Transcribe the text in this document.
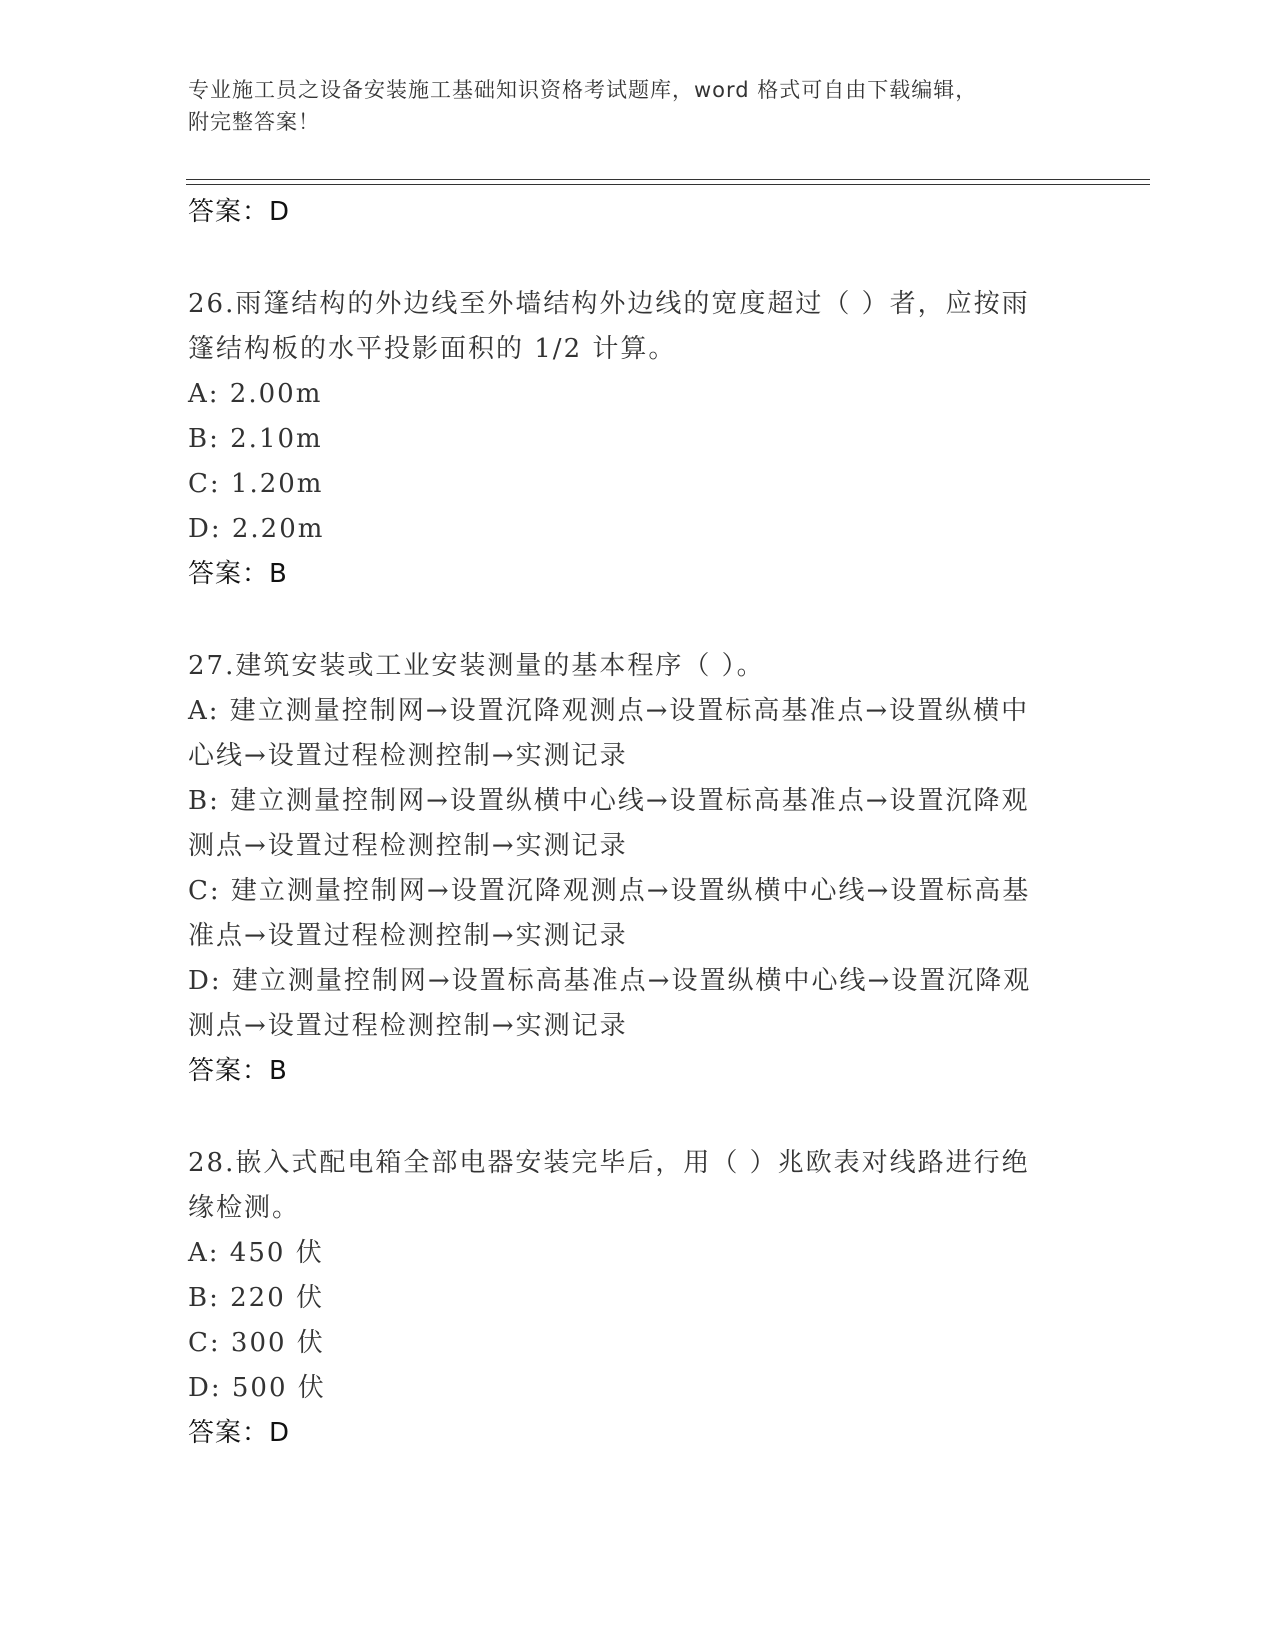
专业施工员之设备安装施工基础知识资格考试题库，word 格式可自由下载编辑，
附完整答案！
答案：D
26.雨篷结构的外边线至外墙结构外边线的宽度超过（ ）者，应按雨
篷结构板的水平投影面积的 1/2 计算。
A: 2.00m
B: 2.10m
C: 1.20m
D: 2.20m
答案：B
27.建筑安装或工业安装测量的基本程序（ ）。
A: 建立测量控制网→设置沉降观测点→设置标高基准点→设置纵横中
心线→设置过程检测控制→实测记录
B: 建立测量控制网→设置纵横中心线→设置标高基准点→设置沉降观
测点→设置过程检测控制→实测记录
C: 建立测量控制网→设置沉降观测点→设置纵横中心线→设置标高基
准点→设置过程检测控制→实测记录
D: 建立测量控制网→设置标高基准点→设置纵横中心线→设置沉降观
测点→设置过程检测控制→实测记录
答案：B
28.嵌入式配电箱全部电器安装完毕后，用（ ）兆欧表对线路进行绝
缘检测。
A: 450 伏
B: 220 伏
C: 300 伏
D: 500 伏
答案：D
